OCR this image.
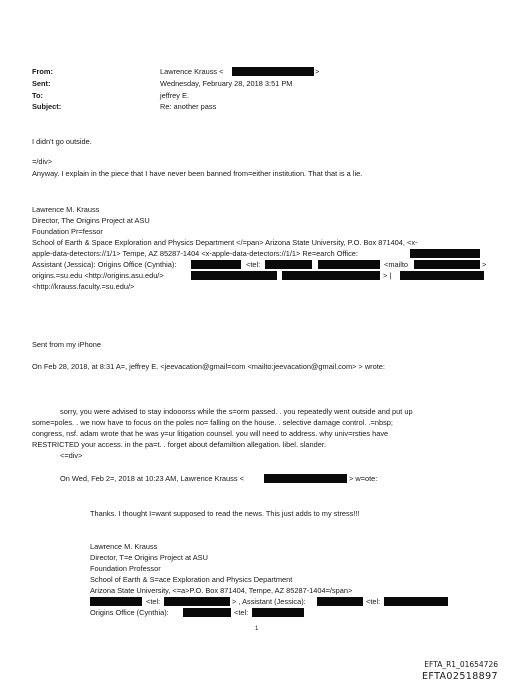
From:	Lawrence Krauss <	>
Sent:	Wednesday, February 28, 2018 3:51 PM
To:	jeffrey E.
Subject:	Re: another pass
I didn't go outside.
=/div>
Anyway. I explain in the piece that I have never been banned from=either institution. That that is a lie.
Lawrence M. Krauss
Director, The Origins Project at ASU
Foundation Pr=fessor
School of Earth & Space Exploration and Physics Department </=pan> Arizona State University, P.O. Box 871404, <x-
apple-data-detectors://1/1> Tempe, AZ 85287-1404 <x-apple-data-detectors://1/1> Re=earch Office:
Assistant (Jessica): Origins Office (Cynthia):	<tel:	<mailto	>
origins.=su.edu <http://origins.asu.edu/>	> |
<http://krauss.faculty.=su.edu/>
Sent from my iPhone
On Feb 28, 2018, at 8:31 A=, jeffrey E. <jeevacation@gmail=com <mailto:jeevacation@gmail.com> > wrote:
sorry, you were advised to stay indooorss while the s=orm passed. . you repeatedly went outside and put up
some=poles. . we now have to focus on the poles no= falling on the house. . selective damage control. .=nbsp;
congress, nsf. adam wrote that he was y=ur litigation counsel. you will need to address. why univ=rsties have
RESTRICTED your access. in the pa=t. . forget about defamiltion allegation. libel. slander.
<=div>
On Wed, Feb 2=, 2018 at 10:23 AM, Lawrence Krauss <	> w=ote:
Thanks. I thought I=want supposed to read the news. This just adds to my stress!!!
Lawrence M. Krauss
Director, T=e Origins Project at ASU
Foundation Professor
School of Earth & S=ace Exploration and Physics Department
Arizona State University, <=a>P.O. Box 871404, Tempe, AZ 85287-1404=/span>
<tel:	> , Assistant (Jessica):	<tel:
Origins Office (Cynthia):	<tel:
1
EFTA_R1_01654726
EFTA02518897
